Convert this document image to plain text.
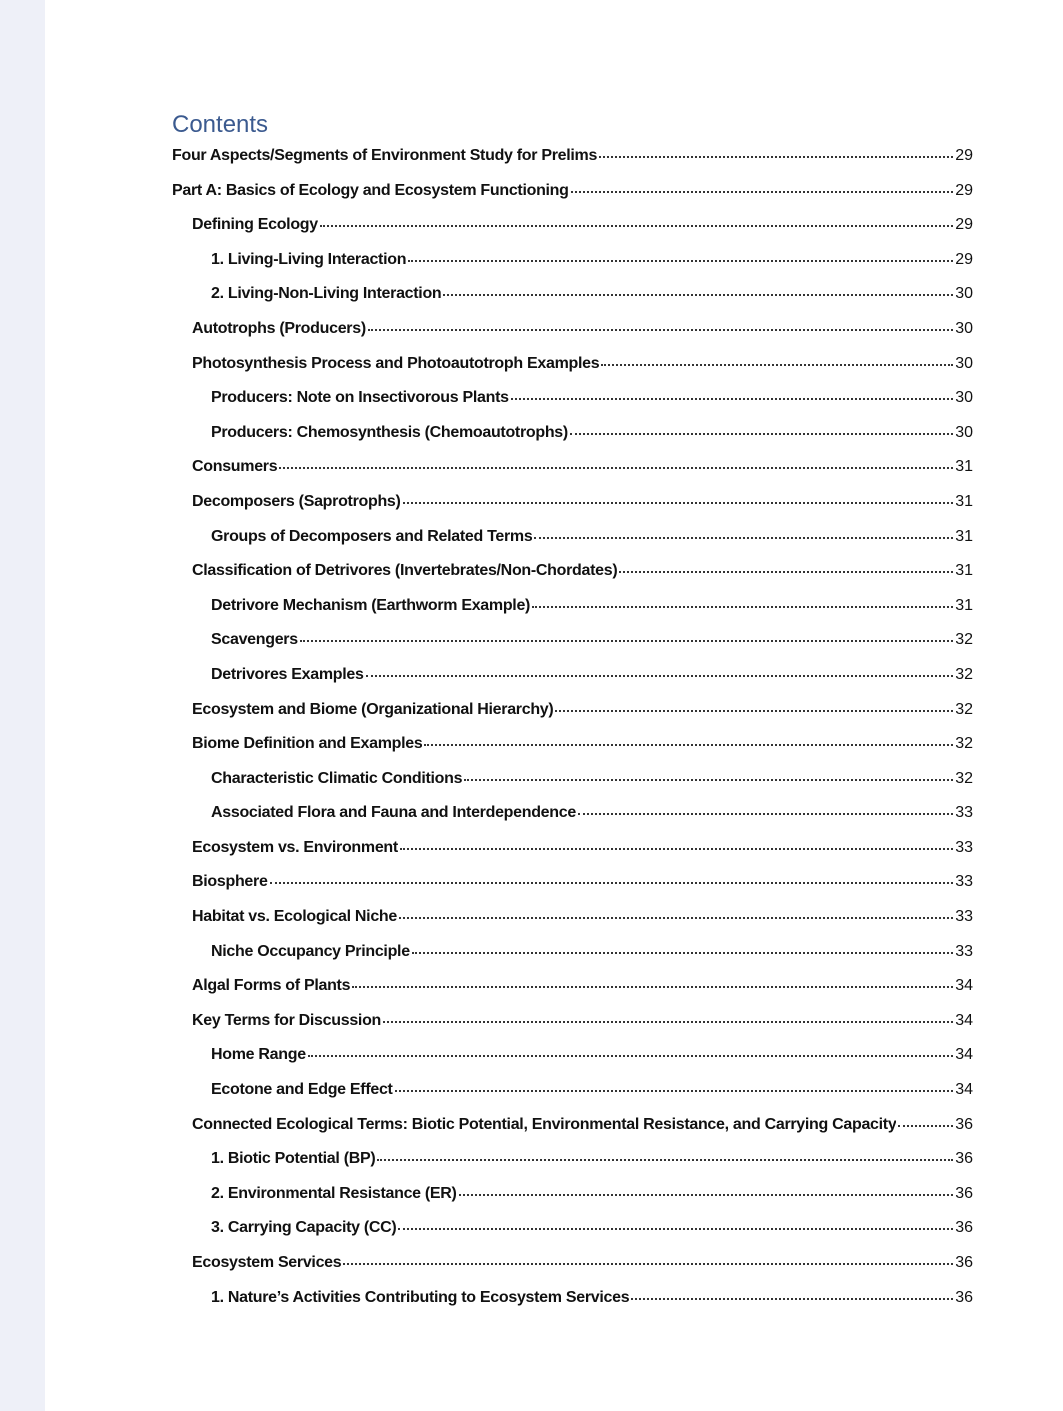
Contents
Four Aspects/Segments of Environment Study for Prelims	29
Part A: Basics of Ecology and Ecosystem Functioning	29
Defining Ecology	29
1. Living-Living Interaction	29
2. Living-Non-Living Interaction	30
Autotrophs (Producers)	30
Photosynthesis Process and Photoautotroph Examples	30
Producers: Note on Insectivorous Plants	30
Producers: Chemosynthesis (Chemoautotrophs)	30
Consumers	31
Decomposers (Saprotrophs)	31
Groups of Decomposers and Related Terms	31
Classification of Detrivores (Invertebrates/Non-Chordates)	31
Detrivore Mechanism (Earthworm Example)	31
Scavengers	32
Detrivores Examples	32
Ecosystem and Biome (Organizational Hierarchy)	32
Biome Definition and Examples	32
Characteristic Climatic Conditions	32
Associated Flora and Fauna and Interdependence	33
Ecosystem vs. Environment	33
Biosphere	33
Habitat vs. Ecological Niche	33
Niche Occupancy Principle	33
Algal Forms of Plants	34
Key Terms for Discussion	34
Home Range	34
Ecotone and Edge Effect	34
Connected Ecological Terms: Biotic Potential, Environmental Resistance, and Carrying Capacity	36
1. Biotic Potential (BP)	36
2. Environmental Resistance (ER)	36
3. Carrying Capacity (CC)	36
Ecosystem Services	36
1. Nature’s Activities Contributing to Ecosystem Services	36
